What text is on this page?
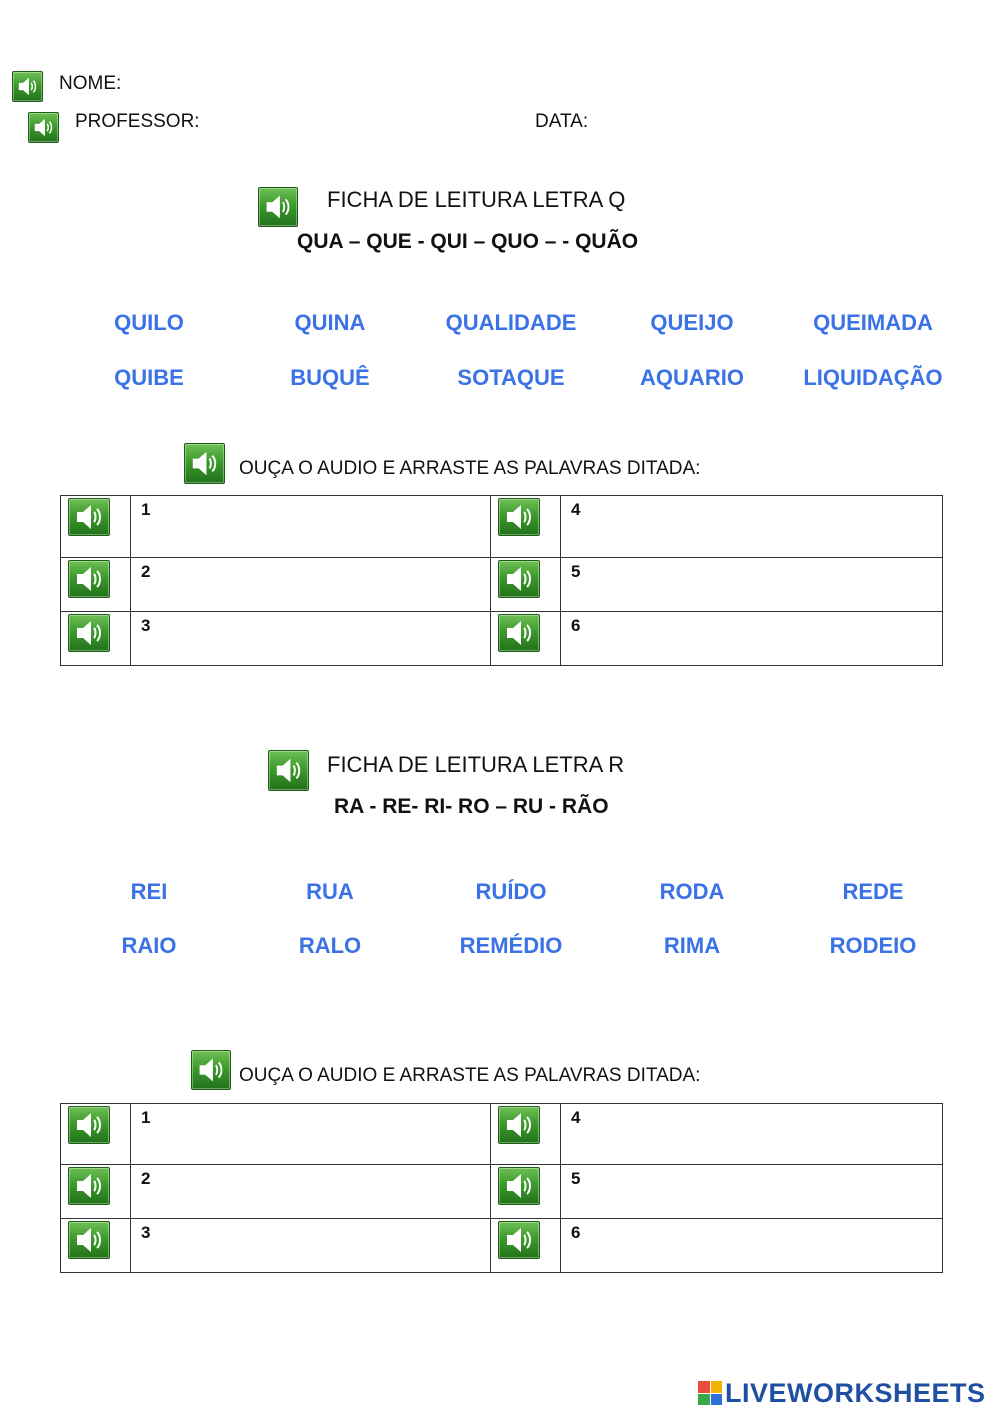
NOME:
PROFESSOR:	DATA:
FICHA DE LEITURA LETRA Q
QUA – QUE - QUI – QUO – - QUÃO
QUILO	QUINA	QUALIDADE	QUEIJO	QUEIMADA
QUIBE	BUQUÊ	SOTAQUE	AQUARIO	LIQUIDAÇÃO
OUÇA O AUDIO E ARRASTE AS PALAVRAS DITADA:

1		4

2		5

3		6
FICHA DE LEITURA LETRA R
RA - RE- RI- RO – RU - RÃO
REI	RUA	RUÍDO	RODA	REDE
RAIO	RALO	REMÉDIO	RIMA	RODEIO
OUÇA O AUDIO E ARRASTE AS PALAVRAS DITADA:

1		4

2		5

3		6
LIVEWORKSHEETS
